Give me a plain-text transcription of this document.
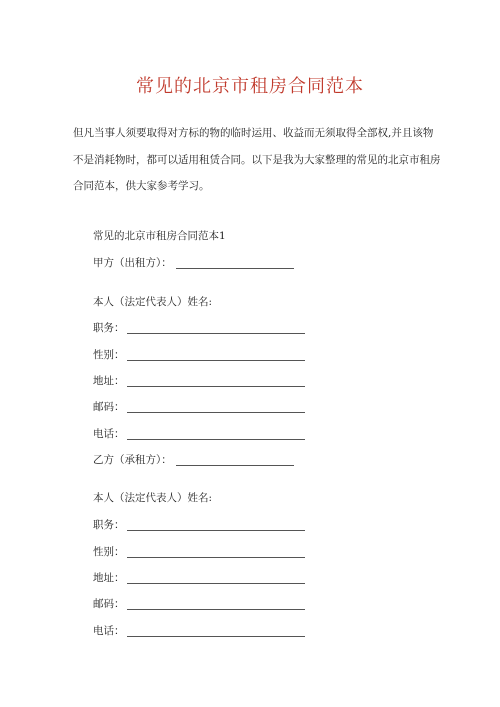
常见的北京市租房合同范本
但凡当事人须要取得对方标的物的临时运用、收益而无须取得全部权,并且该物
不是消耗物时，都可以适用租赁合同。以下是我为大家整理的常见的北京市租房
合同范本，供大家参考学习。
常见的北京市租房合同范本1
甲方（出租方）：
本人（法定代表人）姓名:
职务：
性别：
地址：
邮码：
电话：
乙方（承租方）：
本人（法定代表人）姓名:
职务：
性别：
地址：
邮码：
电话：
